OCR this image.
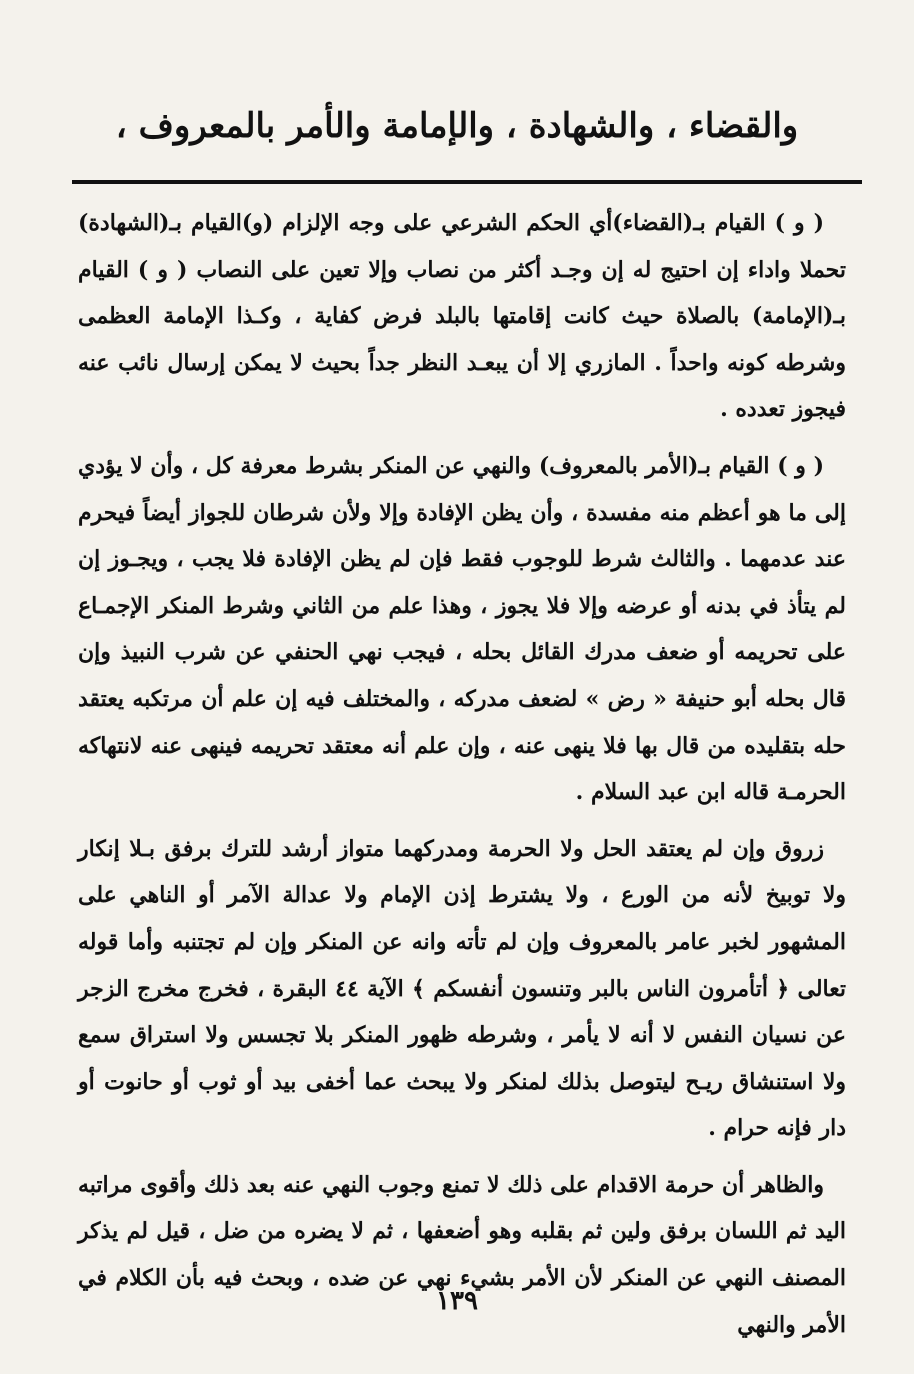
والقضاء ، والشهادة ، والإمامة والأمر بالمعروف ،

( و ) القيام بـ(القضاء)أي الحكم الشرعي على وجه الإلزام (و)القيام بـ(الشهادة) تحملا واداء إن احتيج له إن وجـد أكثر من نصاب وإلا تعين على النصاب ( و ) القيام بـ(الإمامة) بالصلاة حيث كانت إقامتها بالبلد فرض كفاية ، وكـذا الإمامة العظمى وشرطه كونه واحداً . المازري إلا أن يبعـد النظر جداً بحيث لا يمكن إرسال نائب عنه فيجوز تعدده .

( و ) القيام بـ(الأمر بالمعروف) والنهي عن المنكر بشرط معرفة كل ، وأن لا يؤدي إلى ما هو أعظم منه مفسدة ، وأن يظن الإفادة وإلا ولأن شرطان للجواز أيضاً فيحرم عند عدمهما . والثالث شرط للوجوب فقط فإن لم يظن الإفادة فلا يجب ، ويجـوز إن لم يتأذ في بدنه أو عرضه وإلا فلا يجوز ، وهذا علم من الثاني وشرط المنكر الإجمـاع على تحريمه أو ضعف مدرك القائل بحله ، فيجب نهي الحنفي عن شرب النبيذ وإن قال بحله أبو حنيفة « رض » لضعف مدركه ، والمختلف فيه إن علم أن مرتكبه يعتقد حله بتقليده من قال بها فلا ينهى عنه ، وإن علم أنه معتقد تحريمه فينهى عنه لانتهاكه الحرمـة قاله ابن عبد السلام .

زروق وإن لم يعتقد الحل ولا الحرمة ومدركهما متواز أرشد للترك برفق بـلا إنكار ولا توبيخ لأنه من الورع ، ولا يشترط إذن الإمام ولا عدالة الآمر أو الناهي على المشهور لخبر عامر بالمعروف وإن لم تأته وانه عن المنكر وإن لم تجتنبه وأما قوله تعالى ﴿ أتأمرون الناس بالبر وتنسون أنفسكم ﴾ الآية ٤٤ البقرة ، فخرج مخرج الزجر عن نسيان النفس لا أنه لا يأمر ، وشرطه ظهور المنكر بلا تجسس ولا استراق سمع ولا استنشاق ريـح ليتوصل بذلك لمنكر ولا يبحث عما أخفى بيد أو ثوب أو حانوت أو دار فإنه حرام .

والظاهر أن حرمة الاقدام على ذلك لا تمنع وجوب النهي عنه بعد ذلك وأقوى مراتبه اليد ثم اللسان برفق ولين ثم بقلبه وهو أضعفها ، ثم لا يضره من ضل ، قيل لم يذكر المصنف النهي عن المنكر لأن الأمر بشيء نهي عن ضده ، وبحث فيه بأن الكلام في الأمر والنهي

١٣٩
